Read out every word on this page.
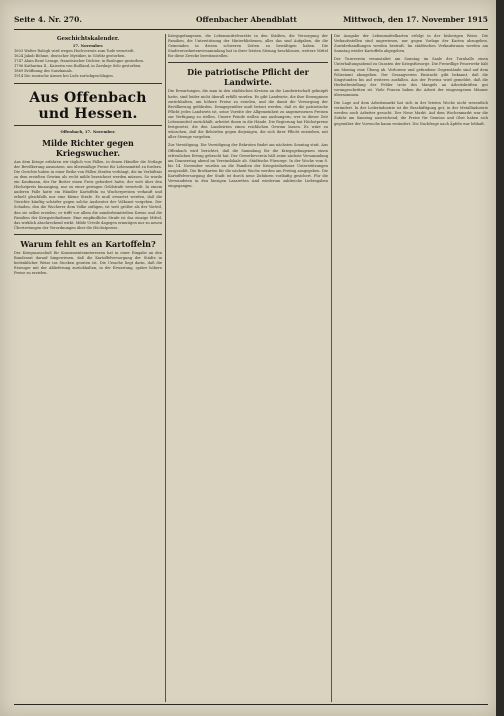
Seite 4. Nr. 270.	Offenbacher Abendblatt	Mittwoch, den 17. November 1915
Geschichtskalender.
17. November.

1603 Walter Ralegh wird wegen Hochverrats zum Tode verurteilt.

1624 Jakob Böhme, deutscher Mystiker, in Görlitz gestorben.

1747 Alain René Lesage, französischer Dichter, in Boulogne gestorben.

1796 Katharina II., Kaiserin von Rußland, in Zarskoje Selo gestorben.

1869 Eröffnung des Suezkanals.

1914 Die russische Armee bei Lodz zurückgeschlagen.

Aus Offenbach und Hessen.
Offenbach, 17. November.
Milde Richter gegen Kriegswucher.

Aus dem Kriege erfahren wir täglich von Fällen, in denen Händler die Notlage der Bevölkerung ausnutzen, um übermäßige Preise für Lebensmittel zu fordern. Die Gerichte haben in einer Reihe von Fällen Strafen verhängt, die im Verhältnis zu dem erzielten Gewinn als recht milde bezeichnet werden müssen. So wurde ein Kaufmann, der für Butter einen Preis gefordert hatte, der weit über den Höchstpreis hinausging, nur zu einer geringen Geldstrafe verurteilt. In einem anderen Falle hatte ein Händler Kartoffeln zu Wucherpreisen verkauft und erhielt gleichfalls nur eine kleine Strafe. Es muß erwartet werden, daß die Gerichte künftig schärfer gegen solche Ausbeuter der Volksnot vorgehen. Der Schaden, den die Wucherer dem Volke zufügen, ist weit größer als der Vorteil, den sie selbst erzielen; er trifft vor allem die minderbemittelten Kreise und die Familien der Kriegsteilnehmer. Eine empfindliche Strafe ist das einzige Mittel, das wirklich abschreckend wirkt. Milde Urteile dagegen ermutigen nur zu neuen Übertretungen der Verordnungen über die Höchstpreise.

Warum fehlt es an Kartoffeln?

Der Kriegsausschuß für Konsumenteninteressen hat in einer Eingabe an den Bundesrat darauf hingewiesen, daß die Kartoffelversorgung der Städte in bedenklicher Weise ins Stocken geraten ist. Die Ursache liegt darin, daß die Erzeuger mit der Ablieferung zurückhalten, in der Erwartung, später höhere Preise zu erzielen.

Kriegsgefangenen, die Lebensmittelvorräte in den Städten, die Versorgung der Familien, die Unterstützung der Hinterbliebenen, alles das sind Aufgaben, die die Gemeinden in diesen schweren Zeiten zu bewältigen haben. Die Stadtverordnetenversammlung hat in ihrer letzten Sitzung beschlossen, weitere Mittel für diese Zwecke bereitzustellen.

Die patriotische Pflicht der Landwirte.

Die Erwartungen, die man in den städtischen Kreisen an die Landwirtschaft geknüpft hatte, sind leider nicht überall erfüllt worden. Es gibt Landwirte, die ihre Erzeugnisse zurückhalten, um höhere Preise zu erzielen, und die damit die Versorgung der Bevölkerung gefährden. Demgegenüber muß betont werden, daß es die patriotische Pflicht jedes Landwirts ist, seine Vorräte der Allgemeinheit zu angemessenen Preisen zur Verfügung zu stellen. Unsere Feinde wollen uns aushungern; wer in dieser Zeit Lebensmittel zurückhält, arbeitet ihnen in die Hände. Die Regierung hat Höchstpreise festgesetzt, die den Landwirten einen reichlichen Gewinn lassen. Es wäre zu wünschen, daß die Behörden gegen diejenigen, die sich ihrer Pflicht entziehen, mit aller Strenge vorgehen.

Zur Vereidigung. Die Vereidigung der Rekruten findet am nächsten Sonntag statt. Aus Offenbach wird berichtet, daß die Sammlung für die Kriegsgefangenen einen erfreulichen Ertrag gebracht hat. Der Gewerbeverein hält seine nächste Versammlung am Donnerstag abend im Vereinslokale ab. Städtische Fürsorge. In der Woche vom 8. bis 14. November wurden an die Familien der Kriegsteilnehmer Unterstützungen ausgezahlt. Die Brotkarten für die nächste Woche werden am Freitag ausgegeben. Die Kartoffelversorgung der Stadt ist durch neue Zufuhren vorläufig gesichert. Für die Verwundeten in den hiesigen Lazaretten sind wiederum zahlreiche Liebesgaben eingegangen.

Die Ausgabe der Lebensmittelkarten erfolgt in der bisherigen Weise. Die Verkaufsstellen sind angewiesen, nur gegen Vorlage der Karten abzugeben. Zuwiderhandlungen werden bestraft. Im städtischen Verkaufsraum werden am Samstag wieder Kartoffeln abgegeben.

Der Turnverein veranstaltet am Sonntag im Saale der Turnhalle einen Unterhaltungsabend zu Gunsten der Kriegsfürsorge. Die Freiwillige Feuerwehr hält am Montag eine Übung ab. Verlorene und gefundene Gegenstände sind auf dem Polizeiamt abzugeben. Der Gesangverein Eintracht gibt bekannt, daß die Singstunden bis auf weiteres ausfallen. Aus der Provinz wird gemeldet, daß die Herbstbestellung der Felder trotz des Mangels an Arbeitskräften gut vorangeschritten ist. Viele Frauen haben die Arbeit der eingezogenen Männer übernommen.

Die Lage auf dem Arbeitsmarkt hat sich in der letzten Woche nicht wesentlich verändert. In der Lederindustrie ist die Beschäftigung gut; in der Metallindustrie werden noch Arbeiter gesucht. Der Neue Markt. Auf dem Wochenmarkt war die Zufuhr am Samstag ausreichend; die Preise für Gemüse und Obst haben sich gegenüber der Vorwoche kaum verändert. Die Nachfrage nach Äpfeln war lebhaft.
